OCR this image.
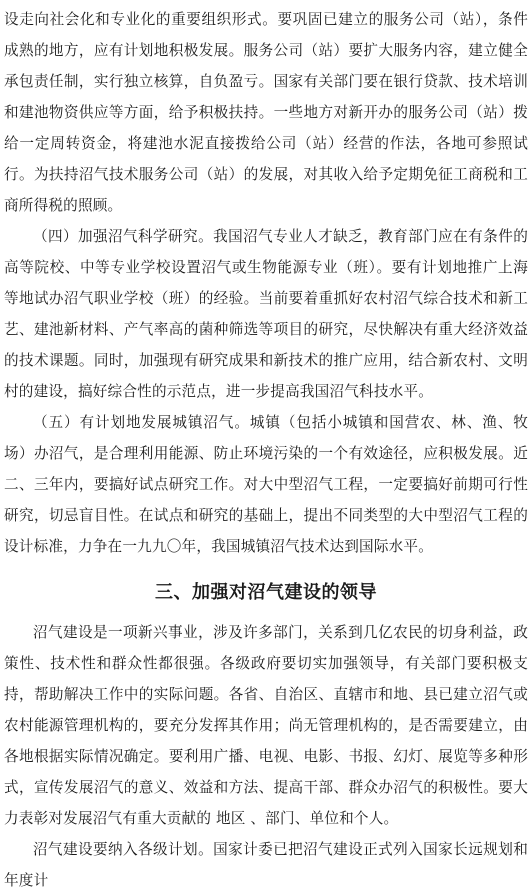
设走向社会化和专业化的重要组织形式。要巩固已建立的服务公司（站），条件成熟的地方，应有计划地积极发展。服务公司（站）要扩大服务内容，建立健全承包责任制，实行独立核算，自负盈亏。国家有关部门要在银行贷款、技术培训和建池物资供应等方面，给予积极扶持。一些地方对新开办的服务公司（站）拨给一定周转资金，将建池水泥直接拨给公司（站）经营的作法，各地可参照试行。为扶持沼气技术服务公司（站）的发展，对其收入给予定期免征工商税和工商所得税的照顾。

（四）加强沼气科学研究。我国沼气专业人才缺乏，教育部门应在有条件的高等院校、中等专业学校设置沼气或生物能源专业（班）。要有计划地推广上海等地试办沼气职业学校（班）的经验。当前要着重抓好农村沼气综合技术和新工艺、建池新材料、产气率高的菌种筛选等项目的研究，尽快解决有重大经济效益的技术课题。同时，加强现有研究成果和新技术的推广应用，结合新农村、文明村的建设，搞好综合性的示范点，进一步提高我国沼气科技水平。

（五）有计划地发展城镇沼气。城镇（包括小城镇和国营农、林、渔、牧场）办沼气，是合理利用能源、防止环境污染的一个有效途径，应积极发展。近二、三年内，要搞好试点研究工作。对大中型沼气工程，一定要搞好前期可行性研究，切忌盲目性。在试点和研究的基础上，提出不同类型的大中型沼气工程的设计标准，力争在一九九〇年，我国城镇沼气技术达到国际水平。

三、加强对沼气建设的领导

沼气建设是一项新兴事业，涉及许多部门，关系到几亿农民的切身利益，政策性、技术性和群众性都很强。各级政府要切实加强领导，有关部门要积极支持，帮助解决工作中的实际问题。各省、自治区、直辖市和地、县已建立沼气或农村能源管理机构的，要充分发挥其作用；尚无管理机构的，是否需要建立，由各地根据实际情况确定。要利用广播、电视、电影、书报、幻灯、展览等多种形式，宣传发展沼气的意义、效益和方法、提高干部、群众办沼气的积极性。要大力表彰对发展沼气有重大贡献的 地区 、部门、单位和个人。

沼气建设要纳入各级计划。国家计委已把沼气建设正式列入国家长远规划和年度计
